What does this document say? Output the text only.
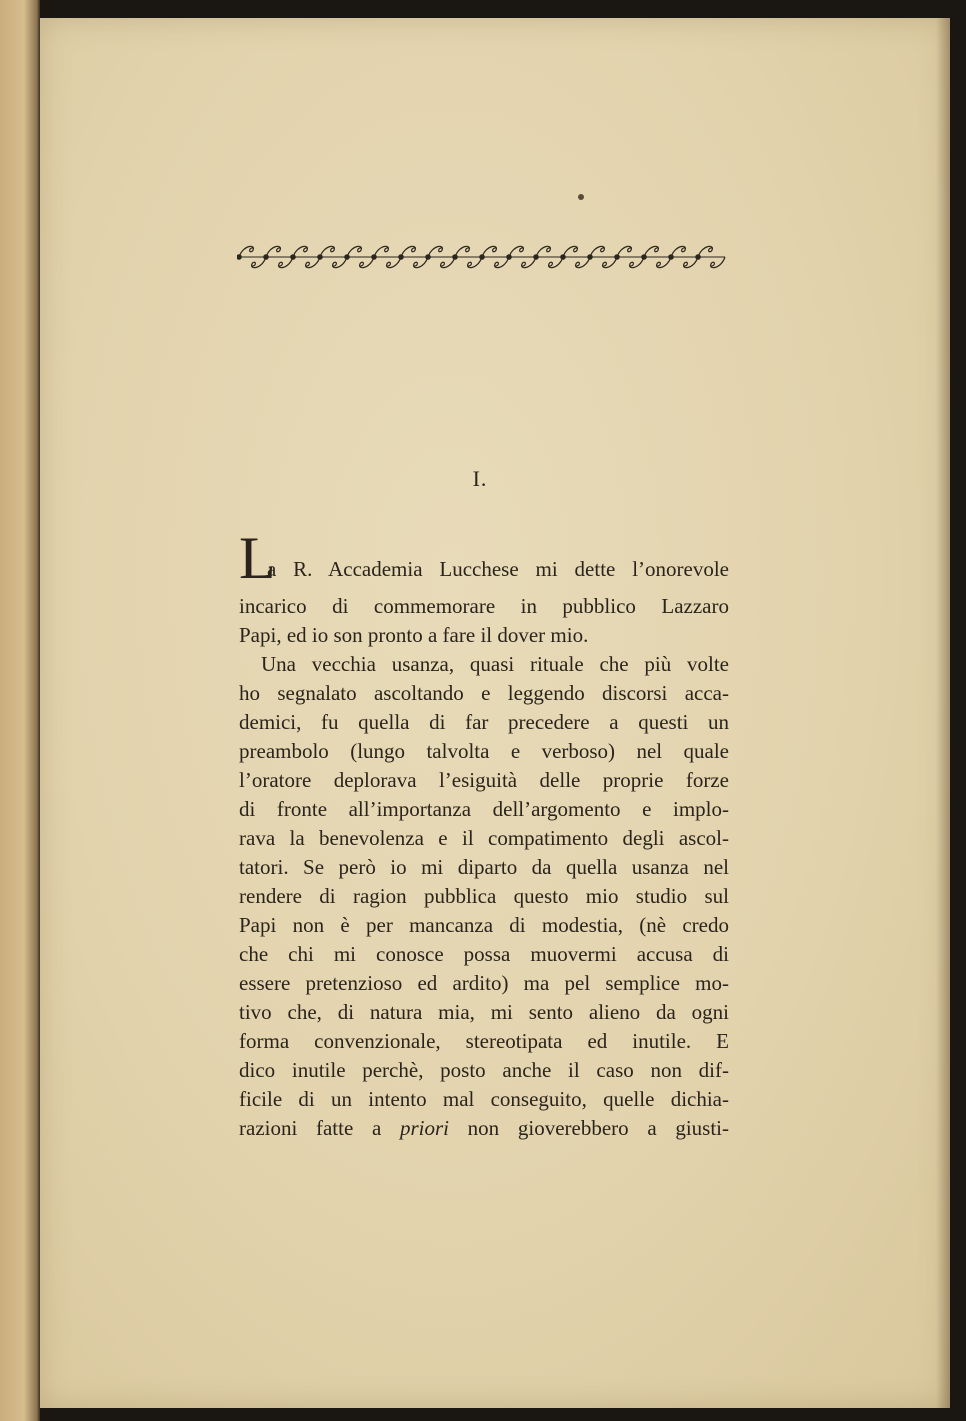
I.
L
a R. Accademia Lucchese mi dette l’onorevole
incarico di commemorare in pubblico Lazzaro
Papi, ed io son pronto a fare il dover mio.
Una vecchia usanza, quasi rituale che più volte
ho segnalato ascoltando e leggendo discorsi acca-
demici, fu quella di far precedere a questi un
preambolo (lungo talvolta e verboso) nel quale
l’oratore deplorava l’esiguità delle proprie forze
di fronte all’importanza dell’argomento e implo-
rava la benevolenza e il compatimento degli ascol-
tatori. Se però io mi diparto da quella usanza nel
rendere di ragion pubblica questo mio studio sul
Papi non è per mancanza di modestia, (nè credo
che chi mi conosce possa muovermi accusa di
essere pretenzioso ed ardito) ma pel semplice mo-
tivo che, di natura mia, mi sento alieno da ogni
forma convenzionale, stereotipata ed inutile. E
dico inutile perchè, posto anche il caso non dif-
ficile di un intento mal conseguito, quelle dichia-
razioni fatte a priori non gioverebbero a giusti-
